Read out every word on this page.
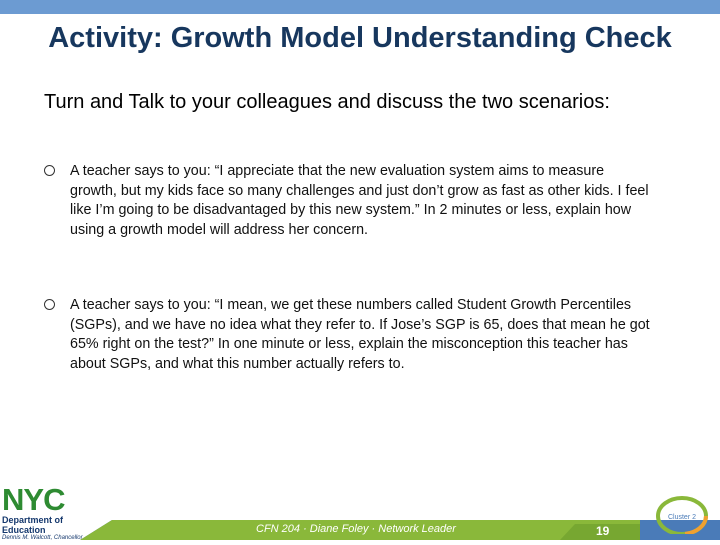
Activity: Growth Model Understanding Check
Turn and Talk to your colleagues and discuss the two scenarios:
A teacher says to you: “I appreciate that the new evaluation system aims to measure growth, but my kids face so many challenges and just don’t grow as fast as other kids. I feel like I’m going to be disadvantaged by this new system.” In 2 minutes or less, explain how using a growth model will address her concern.
A teacher says to you: “I mean, we get these numbers called Student Growth Percentiles (SGPs), and we have no idea what they refer to. If Jose’s SGP is 65, does that mean he got 65% right on the test?” In one minute or less, explain the misconception this teacher has about SGPs, and what this number actually refers to.
CFN 204 · Diane Foley · Network Leader	19
NYC
Department of Education
Dennis M. Walcott, Chancellor
Cluster 2
